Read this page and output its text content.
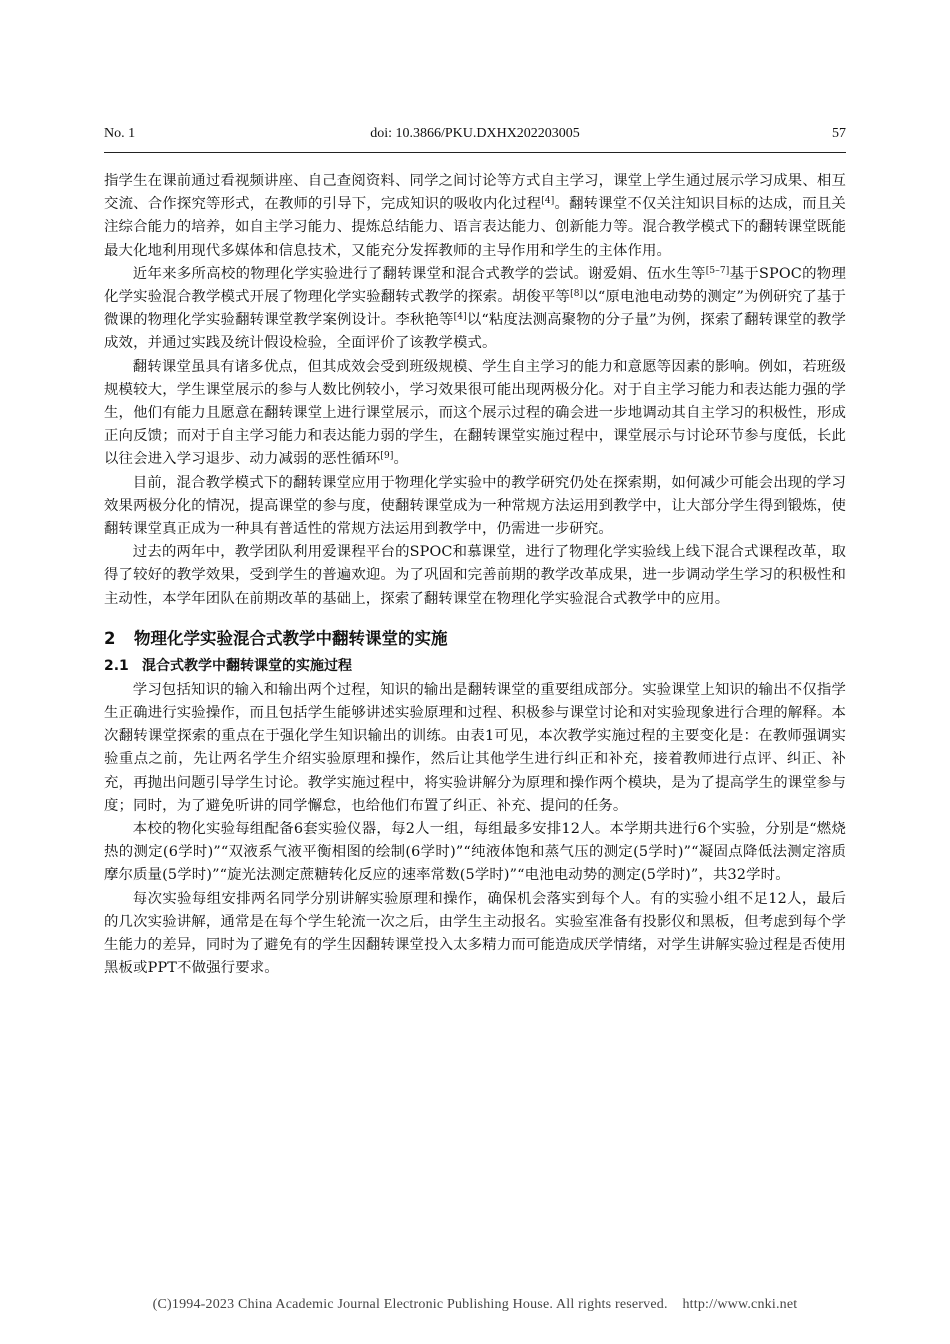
No. 1	doi: 10.3866/PKU.DXHX202203005	57

指学生在课前通过看视频讲座、自己查阅资料、同学之间讨论等方式自主学习，课堂上学生通过展示学习成果、相互交流、合作探究等形式，在教师的引导下，完成知识的吸收内化过程[4]。翻转课堂不仅关注知识目标的达成，而且关注综合能力的培养，如自主学习能力、提炼总结能力、语言表达能力、创新能力等。混合教学模式下的翻转课堂既能最大化地利用现代多媒体和信息技术，又能充分发挥教师的主导作用和学生的主体作用。

近年来多所高校的物理化学实验进行了翻转课堂和混合式教学的尝试。谢爱娟、伍水生等[5–7]基于SPOC的物理化学实验混合教学模式开展了物理化学实验翻转式教学的探索。胡俊平等[8]以“原电池电动势的测定”为例研究了基于微课的物理化学实验翻转课堂教学案例设计。李秋艳等[4]以“粘度法测高聚物的分子量”为例，探索了翻转课堂的教学成效，并通过实践及统计假设检验，全面评价了该教学模式。

翻转课堂虽具有诸多优点，但其成效会受到班级规模、学生自主学习的能力和意愿等因素的影响。例如，若班级规模较大，学生课堂展示的参与人数比例较小，学习效果很可能出现两极分化。对于自主学习能力和表达能力强的学生，他们有能力且愿意在翻转课堂上进行课堂展示，而这个展示过程的确会进一步地调动其自主学习的积极性，形成正向反馈；而对于自主学习能力和表达能力弱的学生，在翻转课堂实施过程中，课堂展示与讨论环节参与度低，长此以往会进入学习退步、动力减弱的恶性循环[9]。

目前，混合教学模式下的翻转课堂应用于物理化学实验中的教学研究仍处在探索期，如何减少可能会出现的学习效果两极分化的情况，提高课堂的参与度，使翻转课堂成为一种常规方法运用到教学中，让大部分学生得到锻炼，使翻转课堂真正成为一种具有普适性的常规方法运用到教学中，仍需进一步研究。

过去的两年中，教学团队利用爱课程平台的SPOC和慕课堂，进行了物理化学实验线上线下混合式课程改革，取得了较好的教学效果，受到学生的普遍欢迎。为了巩固和完善前期的教学改革成果，进一步调动学生学习的积极性和主动性，本学年团队在前期改革的基础上，探索了翻转课堂在物理化学实验混合式教学中的应用。

2 物理化学实验混合式教学中翻转课堂的实施
2.1 混合式教学中翻转课堂的实施过程

学习包括知识的输入和输出两个过程，知识的输出是翻转课堂的重要组成部分。实验课堂上知识的输出不仅指学生正确进行实验操作，而且包括学生能够讲述实验原理和过程、积极参与课堂讨论和对实验现象进行合理的解释。本次翻转课堂探索的重点在于强化学生知识输出的训练。由表1可见，本次教学实施过程的主要变化是：在教师强调实验重点之前，先让两名学生介绍实验原理和操作，然后让其他学生进行纠正和补充，接着教师进行点评、纠正、补充，再抛出问题引导学生讨论。教学实施过程中，将实验讲解分为原理和操作两个模块，是为了提高学生的课堂参与度；同时，为了避免听讲的同学懈怠，也给他们布置了纠正、补充、提问的任务。

本校的物化实验每组配备6套实验仪器，每2人一组，每组最多安排12人。本学期共进行6个实验，分别是“燃烧热的测定(6学时)”“双液系气液平衡相图的绘制(6学时)”“纯液体饱和蒸气压的测定(5学时)”“凝固点降低法测定溶质摩尔质量(5学时)”“旋光法测定蔗糖转化反应的速率常数(5学时)”“电池电动势的测定(5学时)”，共32学时。

每次实验每组安排两名同学分别讲解实验原理和操作，确保机会落实到每个人。有的实验小组不足12人，最后的几次实验讲解，通常是在每个学生轮流一次之后，由学生主动报名。实验室准备有投影仪和黑板，但考虑到每个学生能力的差异，同时为了避免有的学生因翻转课堂投入太多精力而可能造成厌学情绪，对学生讲解实验过程是否使用黑板或PPT不做强行要求。

(C)1994-2023 China Academic Journal Electronic Publishing House. All rights reserved.    http://www.cnki.net
